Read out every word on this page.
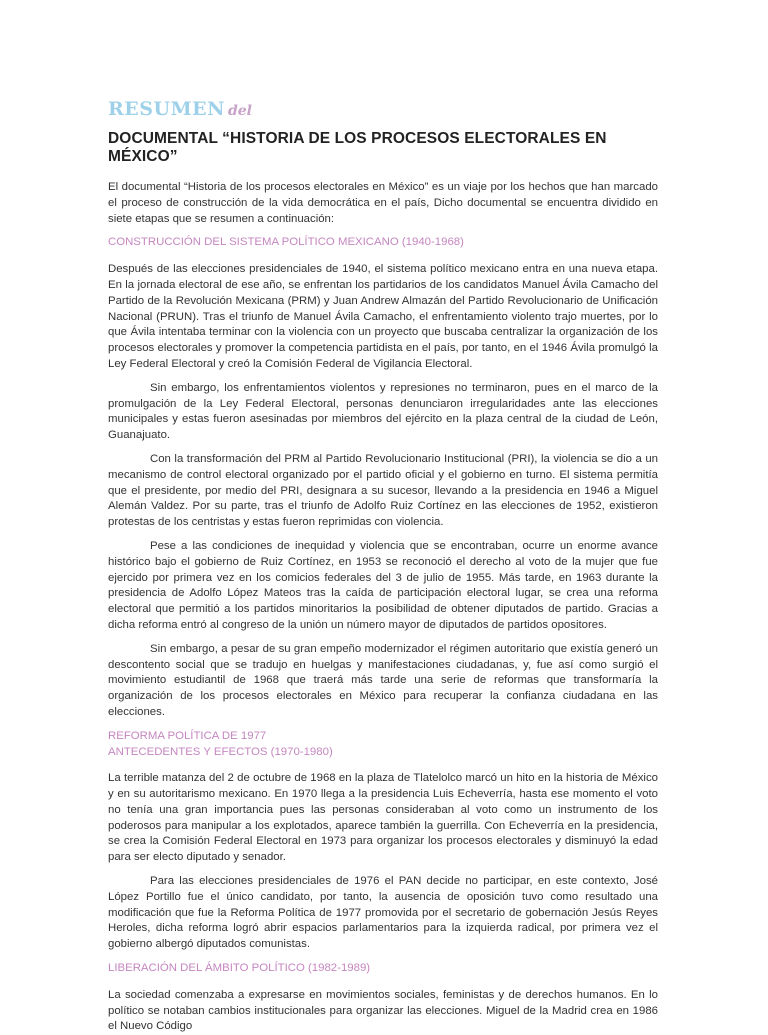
RESUMEN del
DOCUMENTAL “HISTORIA DE LOS PROCESOS ELECTORALES EN MÉXICO”

El documental “Historia de los procesos electorales en México” es un viaje por los hechos que han marcado el proceso de construcción de la vida democrática en el país, Dicho documental se encuentra dividido en siete etapas que se resumen a continuación:

CONSTRUCCIÓN DEL SISTEMA POLÍTICO MEXICANO (1940-1968)

Después de las elecciones presidenciales de 1940, el sistema político mexicano entra en una nueva etapa. En la jornada electoral de ese año, se enfrentan los partidarios de los candidatos Manuel Ávila Camacho del Partido de la Revolución Mexicana (PRM) y Juan Andrew Almazán del Partido Revolucionario de Unificación Nacional (PRUN). Tras el triunfo de Manuel Ávila Camacho, el enfrentamiento violento trajo muertes, por lo que Ávila intentaba terminar con la violencia con un proyecto que buscaba centralizar la organización de los procesos electorales y promover la competencia partidista en el país, por tanto, en el 1946 Ávila promulgó la Ley Federal Electoral y creó la Comisión Federal de Vigilancia Electoral.

Sin embargo, los enfrentamientos violentos y represiones no terminaron, pues en el marco de la promulgación de la Ley Federal Electoral, personas denunciaron irregularidades ante las elecciones municipales y estas fueron asesinadas por miembros del ejército en la plaza central de la ciudad de León, Guanajuato.

Con la transformación del PRM al Partido Revolucionario Institucional (PRI), la violencia se dio a un mecanismo de control electoral organizado por el partido oficial y el gobierno en turno. El sistema permitía que el presidente, por medio del PRI, designara a su sucesor, llevando a la presidencia en 1946 a Miguel Alemán Valdez. Por su parte, tras el triunfo de Adolfo Ruiz Cortínez en las elecciones de 1952, existieron protestas de los centristas y estas fueron reprimidas con violencia.

Pese a las condiciones de inequidad y violencia que se encontraban, ocurre un enorme avance histórico bajo el gobierno de Ruiz Cortínez, en 1953 se reconoció el derecho al voto de la mujer que fue ejercido por primera vez en los comicios federales del 3 de julio de 1955. Más tarde, en 1963 durante la presidencia de Adolfo López Mateos tras la caída de participación electoral lugar, se crea una reforma electoral que permitió a los partidos minoritarios la posibilidad de obtener diputados de partido. Gracias a dicha reforma entró al congreso de la unión un número mayor de diputados de partidos opositores.

Sin embargo, a pesar de su gran empeño modernizador el régimen autoritario que existía generó un descontento social que se tradujo en huelgas y manifestaciones ciudadanas, y, fue así como surgió el movimiento estudiantil de 1968 que traerá más tarde una serie de reformas que transformaría la organización de los procesos electorales en México para recuperar la confianza ciudadana en las elecciones.

REFORMA POLÍTICA DE 1977
ANTECEDENTES Y EFECTOS (1970-1980)

La terrible matanza del 2 de octubre de 1968 en la plaza de Tlatelolco marcó un hito en la historia de México y en su autoritarismo mexicano. En 1970 llega a la presidencia Luis Echeverría, hasta ese momento el voto no tenía una gran importancia pues las personas consideraban al voto como un instrumento de los poderosos para manipular a los explotados, aparece también la guerrilla. Con Echeverría en la presidencia, se crea la Comisión Federal Electoral en 1973 para organizar los procesos electorales y disminuyó la edad para ser electo diputado y senador.

Para las elecciones presidenciales de 1976 el PAN decide no participar, en este contexto, José López Portillo fue el único candidato, por tanto, la ausencia de oposición tuvo como resultado una modificación que fue la Reforma Política de 1977 promovida por el secretario de gobernación Jesús Reyes Heroles, dicha reforma logró abrir espacios parlamentarios para la izquierda radical, por primera vez el gobierno albergó diputados comunistas.

LIBERACIÓN DEL ÁMBITO POLÍTICO (1982-1989)

La sociedad comenzaba a expresarse en movimientos sociales, feministas y de derechos humanos. En lo político se notaban cambios institucionales para organizar las elecciones. Miguel de la Madrid crea en 1986 el Nuevo Código
